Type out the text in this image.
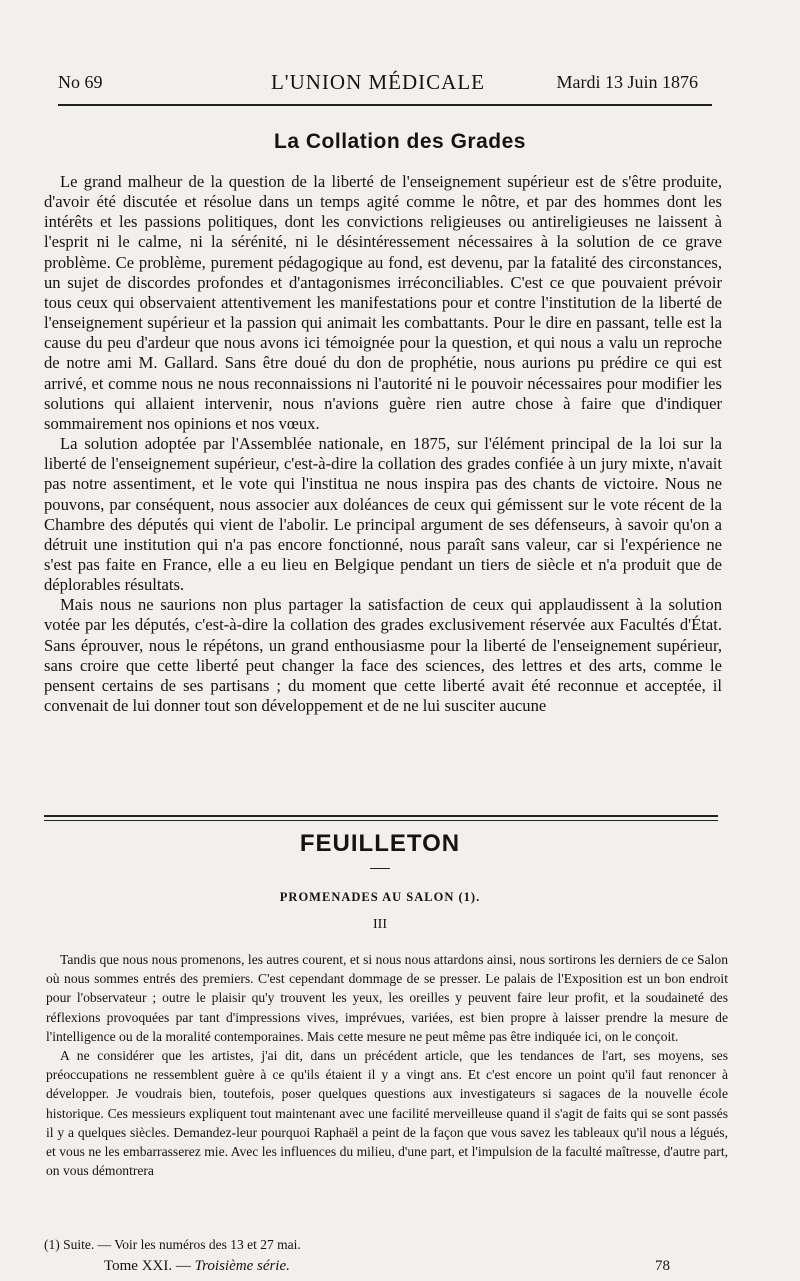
No 69	L'UNION MÉDICALE	Mardi 13 Juin 1876
La Collation des Grades

Le grand malheur de la question de la liberté de l'enseignement supérieur est de s'être produite, d'avoir été discutée et résolue dans un temps agité comme le nôtre, et par des hommes dont les intérêts et les passions politiques, dont les convictions religieuses ou antireligieuses ne laissent à l'esprit ni le calme, ni la sérénité, ni le désintéressement nécessaires à la solution de ce grave problème. Ce problème, purement pédagogique au fond, est devenu, par la fatalité des circonstances, un sujet de discordes profondes et d'antagonismes irréconciliables. C'est ce que pouvaient prévoir tous ceux qui observaient attentivement les manifestations pour et contre l'institution de la liberté de l'enseignement supérieur et la passion qui animait les combattants. Pour le dire en passant, telle est la cause du peu d'ardeur que nous avons ici témoignée pour la question, et qui nous a valu un reproche de notre ami M. Gallard. Sans être doué du don de prophétie, nous aurions pu prédire ce qui est arrivé, et comme nous ne nous reconnaissions ni l'autorité ni le pouvoir nécessaires pour modifier les solutions qui allaient intervenir, nous n'avions guère rien autre chose à faire que d'indiquer sommairement nos opinions et nos vœux.

La solution adoptée par l'Assemblée nationale, en 1875, sur l'élément principal de la loi sur la liberté de l'enseignement supérieur, c'est-à-dire la collation des grades confiée à un jury mixte, n'avait pas notre assentiment, et le vote qui l'institua ne nous inspira pas des chants de victoire. Nous ne pouvons, par conséquent, nous associer aux doléances de ceux qui gémissent sur le vote récent de la Chambre des députés qui vient de l'abolir. Le principal argument de ses défenseurs, à savoir qu'on a détruit une institution qui n'a pas encore fonctionné, nous paraît sans valeur, car si l'expérience ne s'est pas faite en France, elle a eu lieu en Belgique pendant un tiers de siècle et n'a produit que de déplorables résultats.

Mais nous ne saurions non plus partager la satisfaction de ceux qui applaudissent à la solution votée par les députés, c'est-à-dire la collation des grades exclusivement réservée aux Facultés d'État. Sans éprouver, nous le répétons, un grand enthousiasme pour la liberté de l'enseignement supérieur, sans croire que cette liberté peut changer la face des sciences, des lettres et des arts, comme le pensent certains de ses partisans ; du moment que cette liberté avait été reconnue et acceptée, il convenait de lui donner tout son développement et de ne lui susciter aucune

FEUILLETON
PROMENADES AU SALON (1).
III

Tandis que nous nous promenons, les autres courent, et si nous nous attardons ainsi, nous sortirons les derniers de ce Salon où nous sommes entrés des premiers. C'est cependant dommage de se presser. Le palais de l'Exposition est un bon endroit pour l'observateur ; outre le plaisir qu'y trouvent les yeux, les oreilles y peuvent faire leur profit, et la soudaineté des réflexions provoquées par tant d'impressions vives, imprévues, variées, est bien propre à laisser prendre la mesure de l'intelligence ou de la moralité contemporaines. Mais cette mesure ne peut même pas être indiquée ici, on le conçoit.

A ne considérer que les artistes, j'ai dit, dans un précédent article, que les tendances de l'art, ses moyens, ses préoccupations ne ressemblent guère à ce qu'ils étaient il y a vingt ans. Et c'est encore un point qu'il faut renoncer à développer. Je voudrais bien, toutefois, poser quelques questions aux investigateurs si sagaces de la nouvelle école historique. Ces messieurs expliquent tout maintenant avec une facilité merveilleuse quand il s'agit de faits qui se sont passés il y a quelques siècles. Demandez-leur pourquoi Raphaël a peint de la façon que vous savez les tableaux qu'il nous a légués, et vous ne les embarrasserez mie. Avec les influences du milieu, d'une part, et l'impulsion de la faculté maîtresse, d'autre part, on vous démontrera

(1) Suite. — Voir les numéros des 13 et 27 mai.
Tome XXI. — Troisième série.	78
